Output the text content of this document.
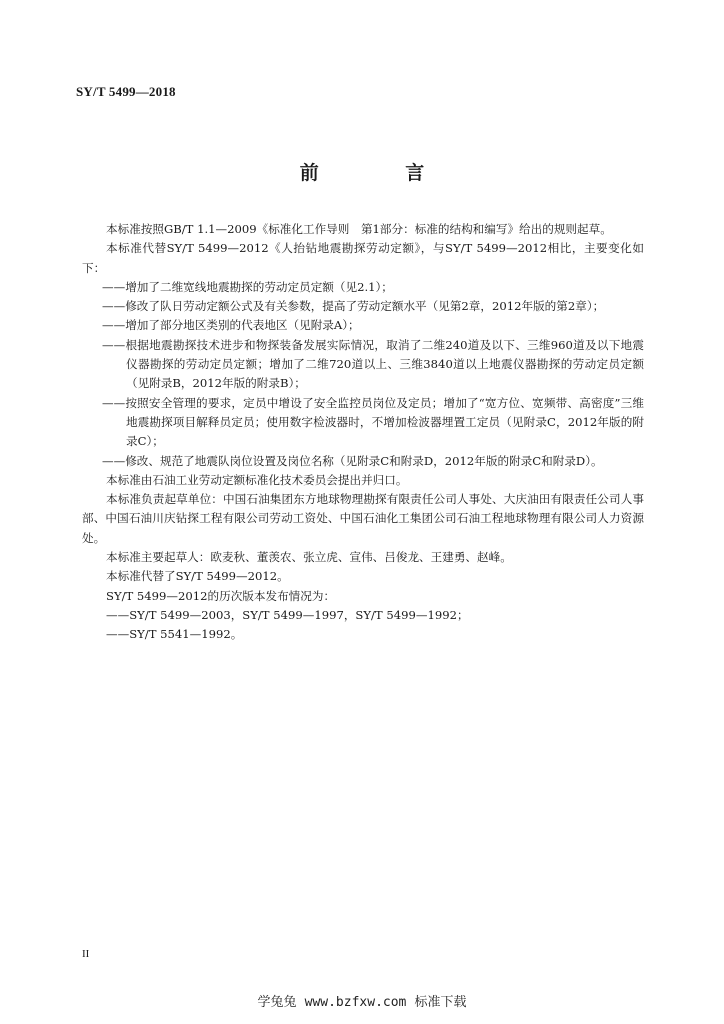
SY/T 5499—2018
前 言

本标准按照GB/T 1.1—2009《标准化工作导则　第1部分：标准的结构和编写》给出的规则起草。

本标准代替SY/T 5499—2012《人抬钻地震勘探劳动定额》，与SY/T 5499—2012相比，主要变化如下：

——增加了二维宽线地震勘探的劳动定员定额（见2.1）；

——修改了队日劳动定额公式及有关参数，提高了劳动定额水平（见第2章，2012年版的第2章）；

——增加了部分地区类别的代表地区（见附录A）；

——根据地震勘探技术进步和物探装备发展实际情况，取消了二维240道及以下、三维960道及以下地震仪器勘探的劳动定员定额；增加了二维720道以上、三维3840道以上地震仪器勘探的劳动定员定额（见附录B，2012年版的附录B）；

——按照安全管理的要求，定员中增设了安全监控员岗位及定员；增加了“宽方位、宽频带、高密度”三维地震勘探项目解释员定员；使用数字检波器时，不增加检波器埋置工定员（见附录C，2012年版的附录C）；

——修改、规范了地震队岗位设置及岗位名称（见附录C和附录D，2012年版的附录C和附录D）。

本标准由石油工业劳动定额标准化技术委员会提出并归口。

本标准负责起草单位：中国石油集团东方地球物理勘探有限责任公司人事处、大庆油田有限责任公司人事部、中国石油川庆钻探工程有限公司劳动工资处、中国石油化工集团公司石油工程地球物理有限公司人力资源处。

本标准主要起草人：欧麦秋、董羡农、张立虎、宣伟、吕俊龙、王建勇、赵峰。

本标准代替了SY/T 5499—2012。

SY/T 5499—2012的历次版本发布情况为：

——SY/T 5499—2003，SY/T 5499—1997，SY/T 5499—1992；

——SY/T 5541—1992。

II
学兔兔 www.bzfxw.com 标准下载
